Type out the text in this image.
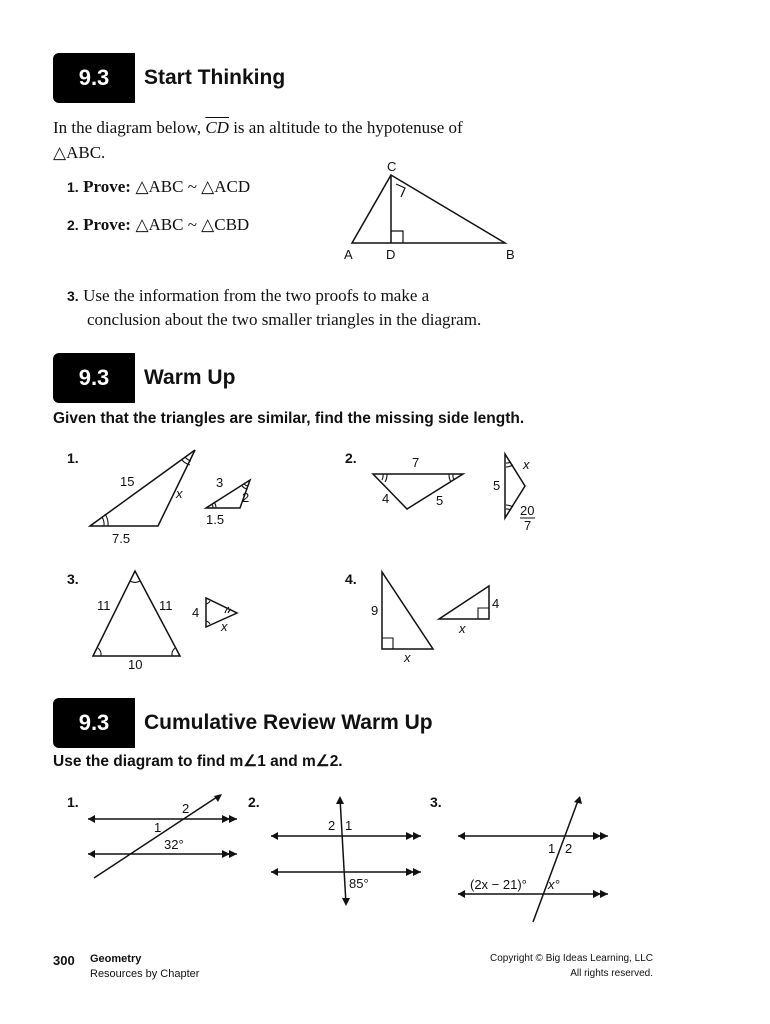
9.3	Start Thinking
In the diagram below, $\overline{CD}$ is an altitude to the hypotenuse of
△ABC.
1. Prove: △ABC ~ △ACD
2. Prove: △ABC ~ △CBD
C
A	D	B
3. Use the information from the two proofs to make a
conclusion about the two smaller triangles in the diagram.
9.3	Warm Up
Given that the triangles are similar, find the missing side length.
1.
15
x
7.5
3
2
1.5
2.	7
4	5
x
5
20
7
3.
11	11
10
4
x
4.
9
x
4
x
9.3	Cumulative Review Warm Up
Use the diagram to find m∠1 and m∠2.
1.	2
1
32°
2.
2 1
85°
3.
1 2
(2x − 21)° x°
300 Geometry
Resources by Chapter
Copyright © Big Ideas Learning, LLC
All rights reserved.
